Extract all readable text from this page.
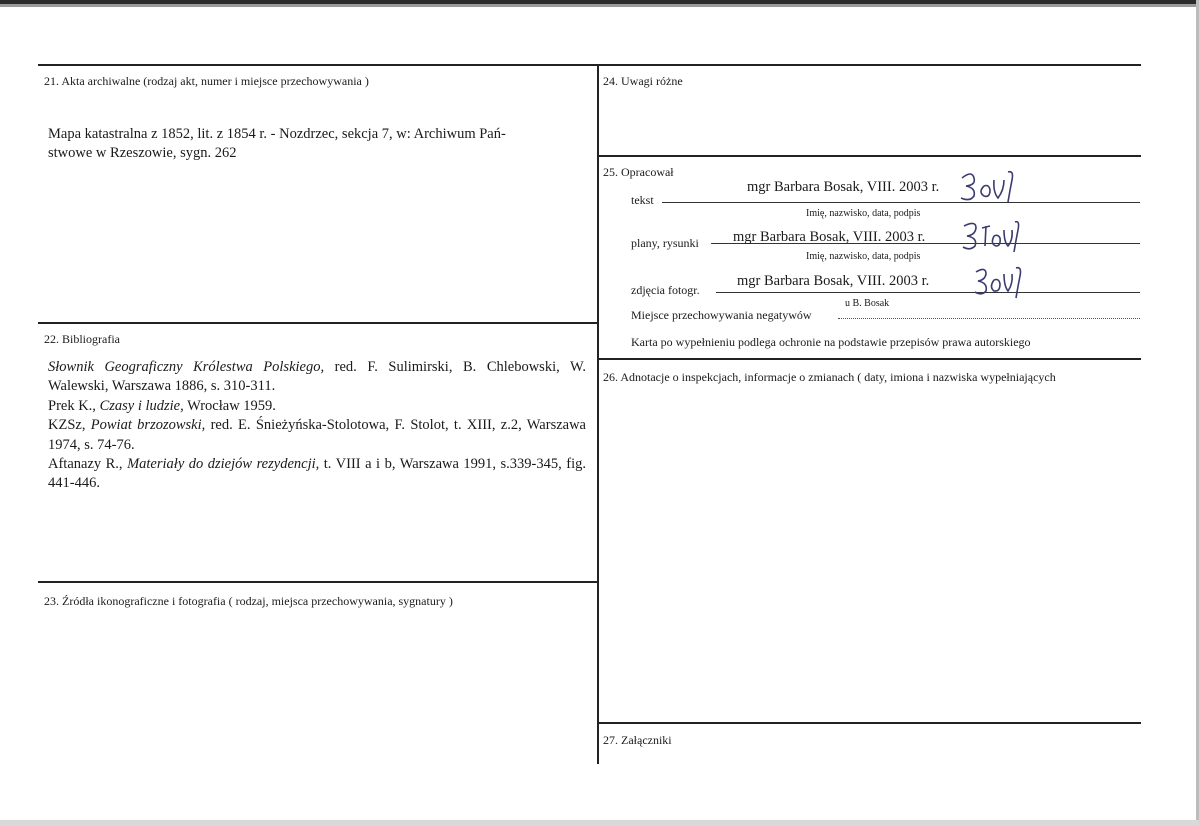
21. Akta archiwalne (rodzaj akt, numer i miejsce przechowywania )
Mapa katastralna z 1852, lit. z 1854 r. - Nozdrzec, sekcja 7, w: Archiwum Pań-
stwowe w Rzeszowie, sygn. 262
22. Bibliografia

Słownik Geograficzny Królestwa Polskiego, red. F. Sulimirski, B. Chlebowski, W. Walewski, Warszawa 1886, s. 310-311.

Prek K., Czasy i ludzie, Wrocław 1959.

KZSz, Powiat brzozowski, red. E. Śnieżyńska-Stolotowa, F. Stolot, t. XIII, z.2, Warszawa 1974, s. 74-76.

Aftanazy R., Materiały do dziejów rezydencji, t. VIII a i b, Warszawa 1991, s.339-345, fig. 441-446.

23. Źródła ikonograficzne i fotografia ( rodzaj, miejsca przechowywania, sygnatury )
24. Uwagi różne
25. Opracował
tekst
mgr Barbara Bosak, VIII. 2003 r.
Imię, nazwisko, data, podpis
plany, rysunki mgr Barbara Bosak, VIII. 2003 r.
Imię, nazwisko, data, podpis
zdjęcia fotogr.
mgr Barbara Bosak, VIII. 2003 r.
Miejsce przechowywania negatywów
u B. Bosak
Karta po wypełnieniu podlega ochronie na podstawie przepisów prawa autorskiego
26. Adnotacje o inspekcjach, informacje o zmianach ( daty, imiona i nazwiska wypełniających
27. Załączniki
